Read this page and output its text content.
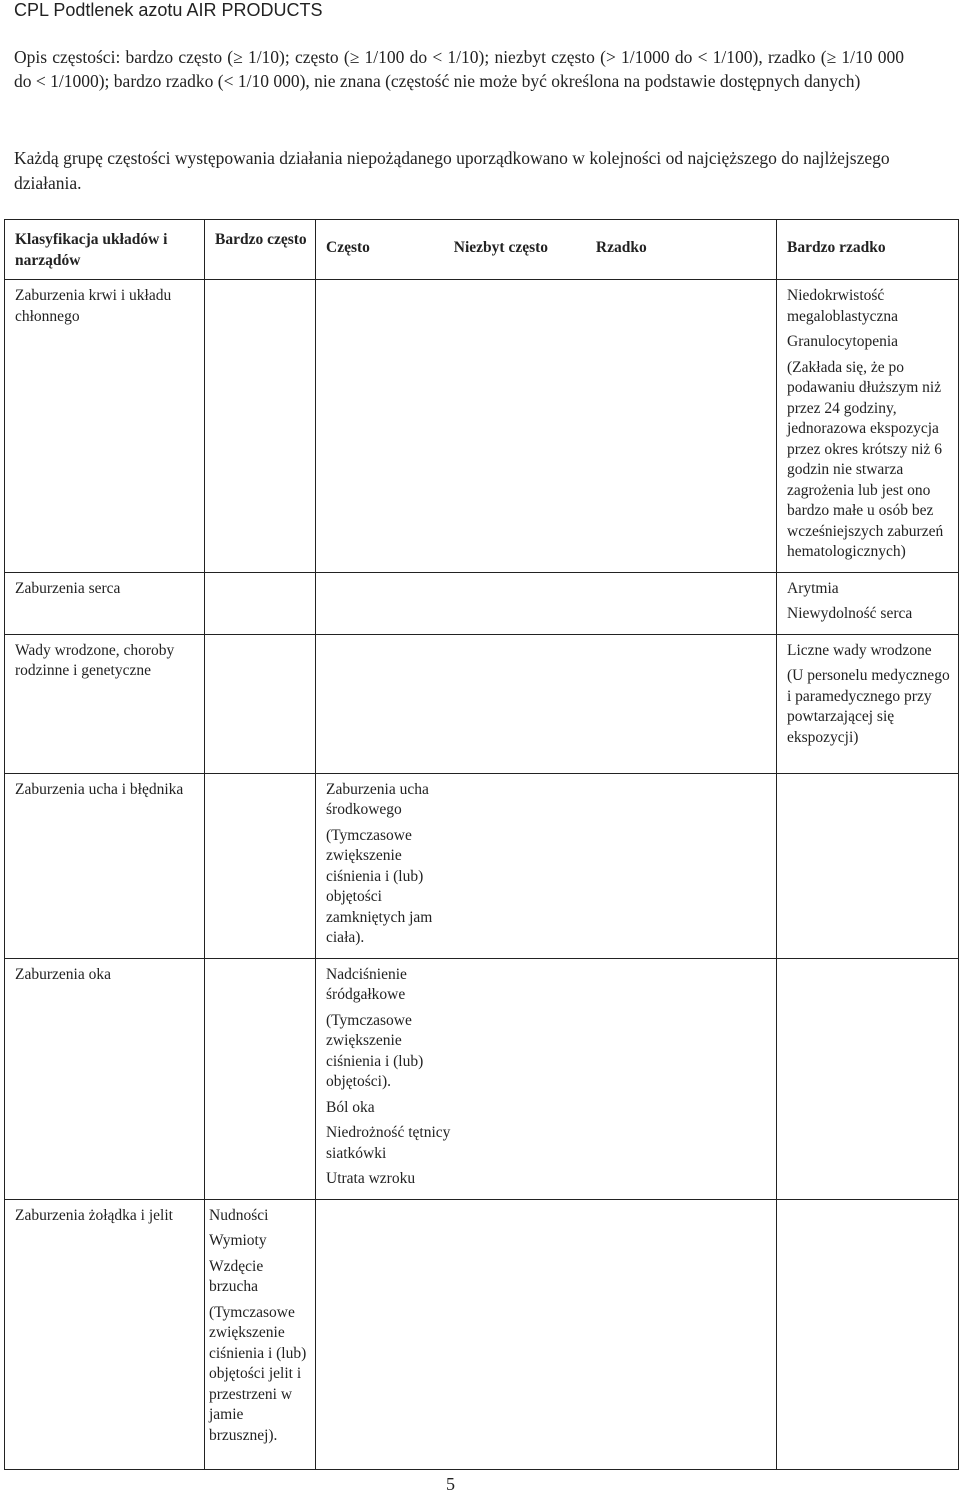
CPL Podtlenek azotu AIR PRODUCTS
Opis częstości: bardzo często (≥ 1/10); często (≥ 1/100 do < 1/10); niezbyt często (> 1/1000 do < 1/100), rzadko (≥ 1/10 000 do < 1/1000); bardzo rzadko (< 1/10 000), nie znana (częstość nie może być określona na podstawie dostępnych danych)
Każdą grupę częstości występowania działania niepożądanego uporządkowano w kolejności od najcięższego do najlżejszego działania.
Klasyfikacja układów i narządów	Bardzo często	Często Niezbyt często Rzadko	Bardzo rzadko

Zaburzenia krwi i układu chłonnego			Niedokrwistość megaloblastyczna

Granulocytopenia

(Zakłada się, że po podawaniu dłuższym niż przez 24 godziny, jednorazowa ekspozycja przez okres krótszy niż 6 godzin nie stwarza zagrożenia lub jest ono bardzo małe u osób bez wcześniejszych zaburzeń hematologicznych)

Zaburzenia serca			Arytmia

Niewydolność serca

Wady wrodzone, choroby rodzinne i genetyczne			Liczne wady wrodzone

(U personelu medycznego i paramedycznego przy powtarzającej się ekspozycji)

Zaburzenia ucha i błędnika		Zaburzenia ucha środkowego

(Tymczasowe zwiększenie ciśnienia i (lub) objętości zamkniętych jam ciała).	

Zaburzenia oka		Nadciśnienie śródgałkowe

(Tymczasowe zwiększenie ciśnienia i (lub) objętości).

Ból oka

Niedrożność tętnicy siatkówki

Utrata wzroku	

Zaburzenia żołądka i jelit	Nudności

Wymioty

Wzdęcie brzucha

(Tymczasowe zwiększenie ciśnienia i (lub) objętości jelit i przestrzeni w jamie brzusznej).		

5
